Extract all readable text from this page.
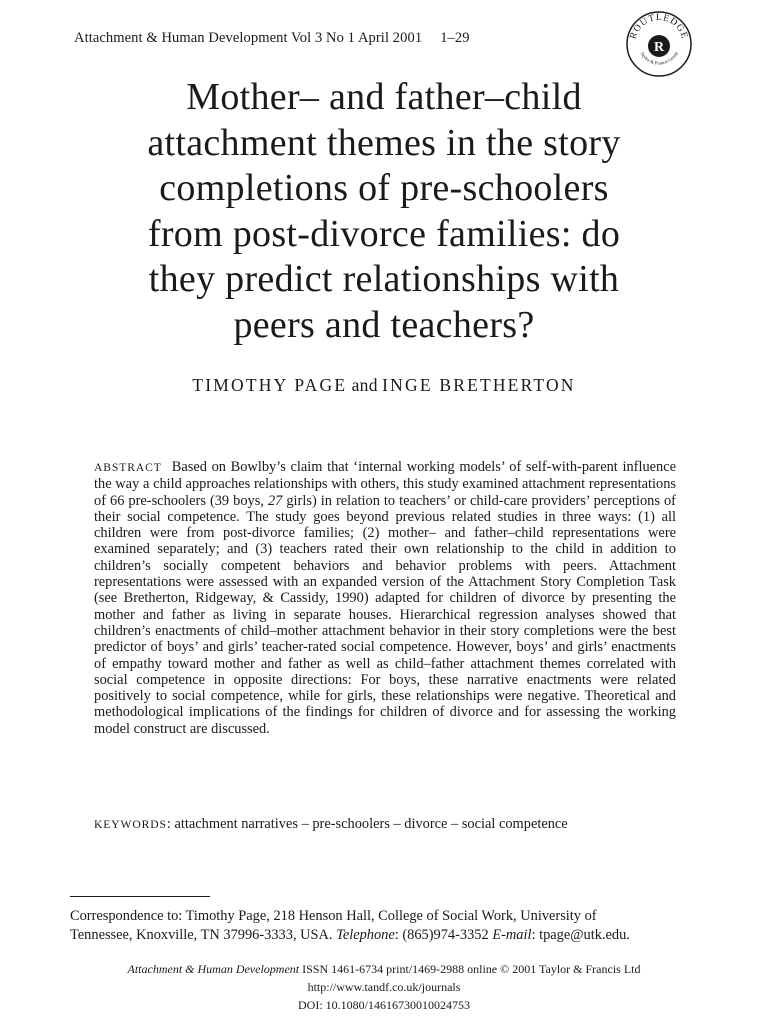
Attachment & Human Development Vol 3 No 1 April 2001 1–29	ROUTLEDGE
Taylor & Francis Group
R
Mother– and father–child
attachment themes in the story
completions of pre-schoolers
from post-divorce families: do
they predict relationships with
peers and teachers?
TIMOTHY PAGE and INGE BRETHERTON

ABSTRACT Based on Bowlby’s claim that ‘internal working models’ of self-with-parent influence the way a child approaches relationships with others, this study examined attachment representations of 66 pre-schoolers (39 boys, 27 girls) in relation to teachers’ or child-care providers’ perceptions of their social competence. The study goes beyond previous related studies in three ways: (1) all children were from post-divorce families; (2) mother– and father–child representations were examined separately; and (3) teachers rated their own relationship to the child in addition to children’s socially competent behaviors and behavior problems with peers. Attachment representations were assessed with an expanded version of the Attachment Story Completion Task (see Bretherton, Ridgeway, & Cassidy, 1990) adapted for children of divorce by presenting the mother and father as living in separate houses. Hierarchical regression analyses showed that children’s enactments of child–mother attachment behavior in their story completions were the best predictor of boys’ and girls’ teacher-rated social competence. However, boys’ and girls’ enactments of empathy toward mother and father as well as child–father attachment themes correlated with social competence in opposite directions: For boys, these narrative enactments were related positively to social competence, while for girls, these relationships were negative. Theoretical and methodological implications of the findings for children of divorce and for assessing the working model construct are discussed.

KEYWORDS: attachment narratives – pre-schoolers – divorce – social competence

Correspondence to: Timothy Page, 218 Henson Hall, College of Social Work, University of
Tennessee, Knoxville, TN 37996-3333, USA. Telephone: (865)974-3352 E-mail: tpage@utk.edu.

Attachment & Human Development ISSN 1461-6734 print/1469-2988 online © 2001 Taylor & Francis Ltd
http://www.tandf.co.uk/journals
DOI: 10.1080/14616730010024753
